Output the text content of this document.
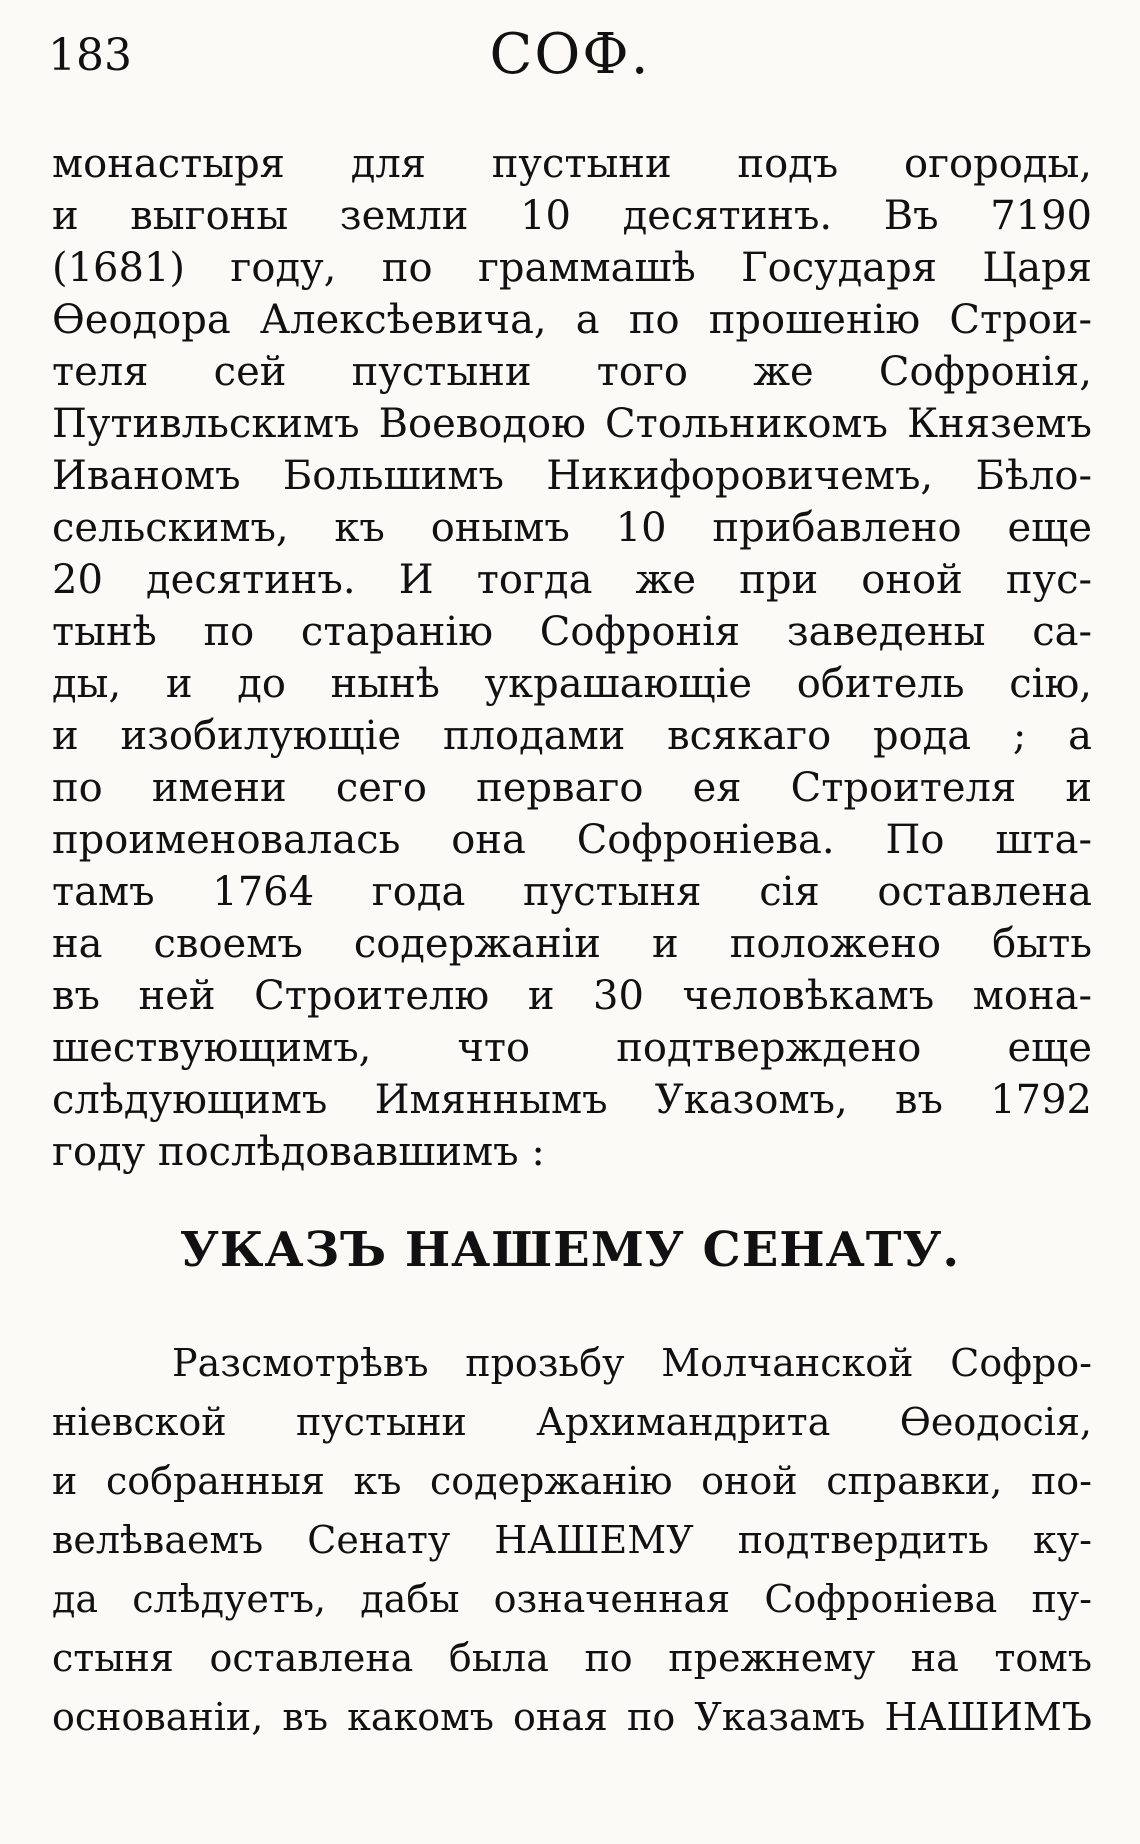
183	СОФ.
монастыря для пустыни подъ огороды,
и выгоны земли 10 десятинъ. Въ 7190
(1681) году, по граммашѣ Государя Царя
Ѳеодора Алексѣевича, а по прошенію Строи-
теля сей пустыни того же Софронія,
Путивльскимъ Воеводою Стольникомъ Княземъ
Иваномъ Большимъ Никифоровичемъ, Бѣло-
сельскимъ, къ онымъ 10 прибавлено еще
20 десятинъ. И тогда же при оной пус-
тынѣ по старанію Софронія заведены са-
ды, и до нынѣ украшающіе обитель сію,
и изобилующіе плодами всякаго рода ; а
по имени сего перваго ея Строителя и
проименовалась она Софроніева. По шта-
тамъ 1764 года пустыня сія оставлена
на своемъ содержаніи и положено быть
въ ней Строителю и 30 человѣкамъ мона-
шествующимъ, что подтверждено еще
слѣдующимъ Имяннымъ Указомъ, въ 1792
году послѣдовавшимъ :
УКАЗЪ НАШЕМУ СЕНАТУ.
Разсмотрѣвъ прозьбу Молчанской Софро-
ніевской пустыни Архимандрита Ѳеодосія,
и собранныя къ содержанію оной справки, по-
велѣваемъ Сенату НАШЕМУ подтвердить ку-
да слѣдуетъ, дабы означенная Софроніева пу-
стыня оставлена была по прежнему на томъ
основаніи, въ какомъ оная по Указамъ НАШИМЪ
